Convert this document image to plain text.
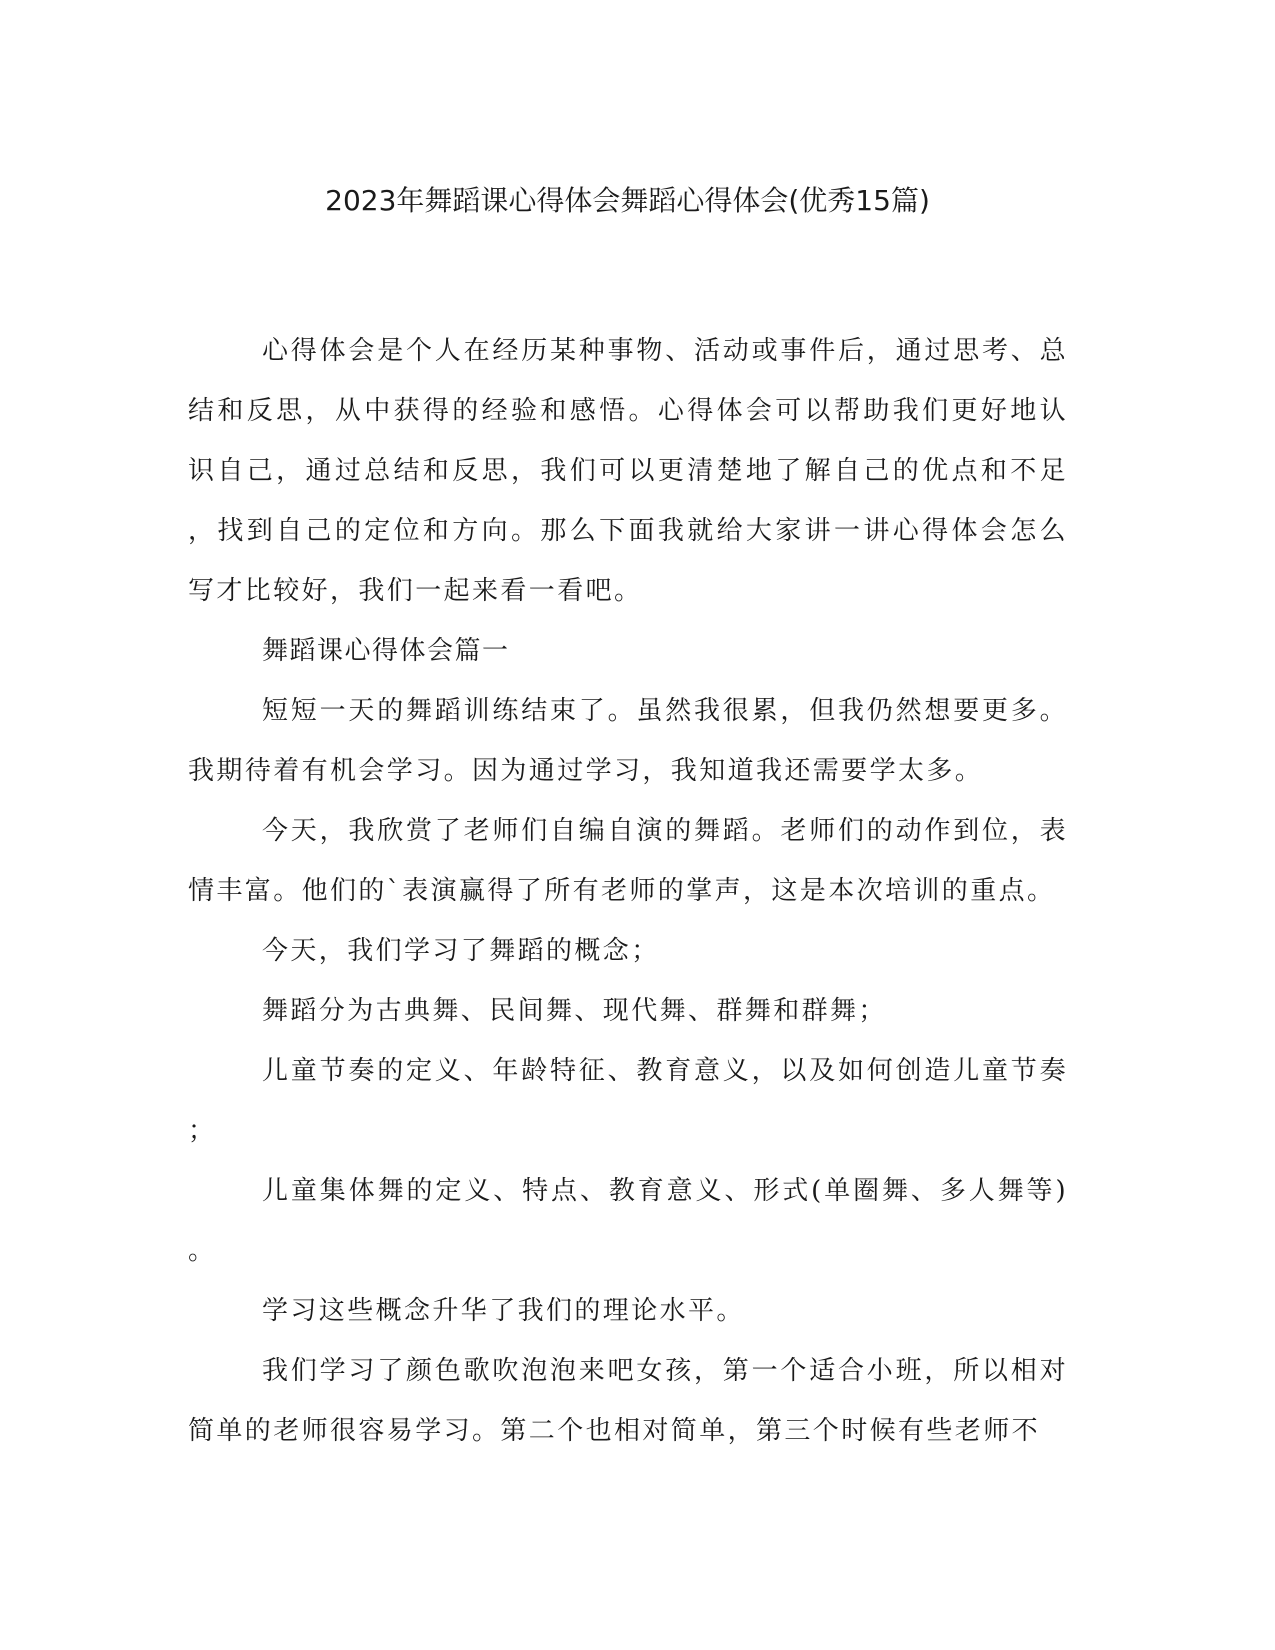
2023年舞蹈课心得体会舞蹈心得体会(优秀15篇)

心得体会是个人在经历某种事物、活动或事件后，通过思考、总结和反思，从中获得的经验和感悟。心得体会可以帮助我们更好地认识自己，通过总结和反思，我们可以更清楚地了解自己的优点和不足，找到自己的定位和方向。那么下面我就给大家讲一讲心得体会怎么写才比较好，我们一起来看一看吧。

舞蹈课心得体会篇一

短短一天的舞蹈训练结束了。虽然我很累，但我仍然想要更多。我期待着有机会学习。因为通过学习，我知道我还需要学太多。

今天，我欣赏了老师们自编自演的舞蹈。老师们的动作到位，表情丰富。他们的`表演赢得了所有老师的掌声，这是本次培训的重点。

今天，我们学习了舞蹈的概念；

舞蹈分为古典舞、民间舞、现代舞、群舞和群舞；

儿童节奏的定义、年龄特征、教育意义，以及如何创造儿童节奏；

儿童集体舞的定义、特点、教育意义、形式(单圈舞、多人舞等)。

学习这些概念升华了我们的理论水平。

我们学习了颜色歌吹泡泡来吧女孩，第一个适合小班，所以相对简单的老师很容易学习。第二个也相对简单，第三个时候有些老师不
